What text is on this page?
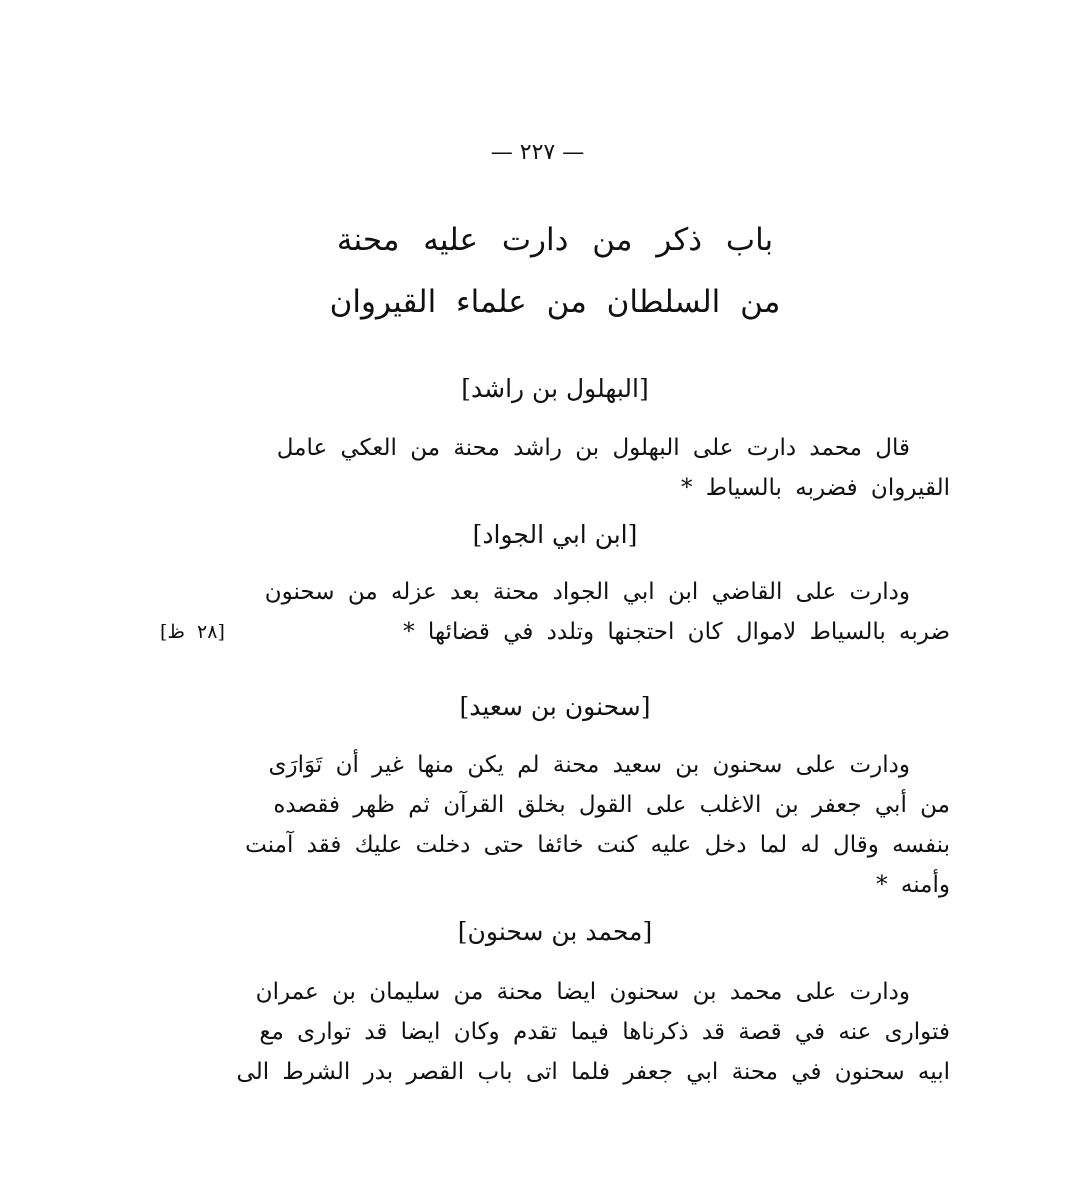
— ٢٢٧ —
باب ذكر من دارت عليه محنة
من السلطان من علماء القيروان
[البهلول بن راشد]
قال محمد دارت على البهلول بن راشد محنة من العكي عامل
القيروان فضربه بالسياط *
[ابن ابي الجواد]
ودارت على القاضي ابن ابي الجواد محنة بعد عزله من سحنون
ضربه بالسياط لاموال كان احتجنها وتلدد في قضائها *
[٢٨ ظ]
[سحنون بن سعيد]
ودارت على سحنون بن سعيد محنة لم يكن منها غير أن تَوَارَى
من أبي جعفر بن الاغلب على القول بخلق القرآن ثم ظهر فقصده
بنفسه وقال له لما دخل عليه كنت خائفا حتى دخلت عليك فقد آمنت
وأمنه *
[محمد بن سحنون]
ودارت على محمد بن سحنون ايضا محنة من سليمان بن عمران
فتوارى عنه في قصة قد ذكرناها فيما تقدم وكان ايضا قد توارى مع
ابيه سحنون في محنة ابي جعفر فلما اتى باب القصر بدر الشرط الى
